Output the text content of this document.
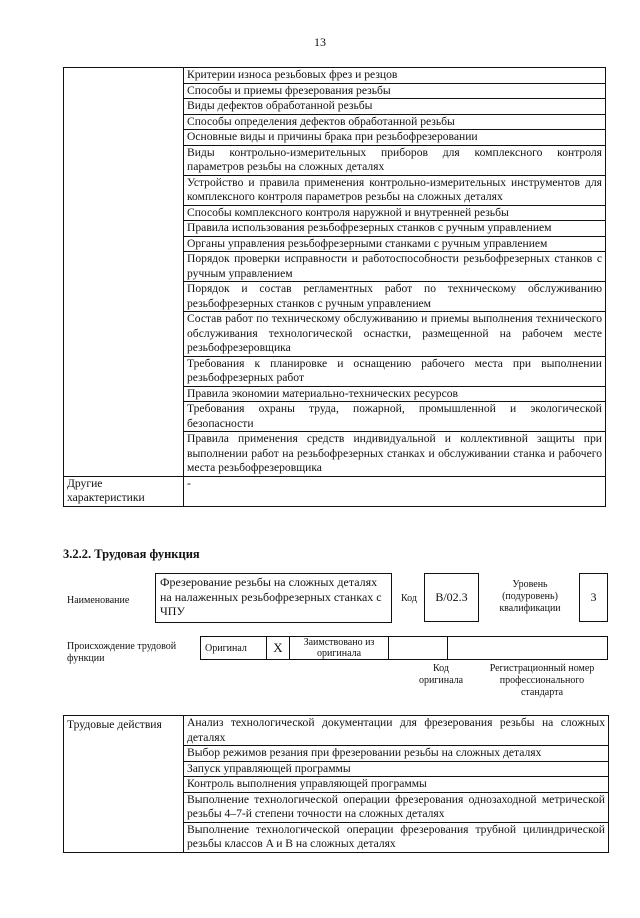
13
	Критерии износа резьбовых фрез и резцов
	Способы и приемы фрезерования резьбы
	Виды дефектов обработанной резьбы
	Способы определения дефектов обработанной резьбы
	Основные виды и причины брака при резьбофрезеровании
	Виды контрольно-измерительных приборов для комплексного контроля параметров резьбы на сложных деталях
	Устройство и правила применения контрольно-измерительных инструментов для комплексного контроля параметров резьбы на сложных деталях
	Способы комплексного контроля наружной и внутренней резьбы
	Правила использования резьбофрезерных станков с ручным управлением
	Органы управления резьбофрезерными станками с ручным управлением
	Порядок проверки исправности и работоспособности резьбофрезерных станков с ручным управлением
	Порядок и состав регламентных работ по техническому обслуживанию резьбофрезерных станков с ручным управлением
	Состав работ по техническому обслуживанию и приемы выполнения технического обслуживания технологической оснастки, размещенной на рабочем месте резьбофрезеровщика
	Требования к планировке и оснащению рабочего места при выполнении резьбофрезерных работ
	Правила экономии материально-технических ресурсов
	Требования охраны труда, пожарной, промышленной и экологической безопасности
	Правила применения средств индивидуальной и коллективной защиты при выполнении работ на резьбофрезерных станках и обслуживании станка и рабочего места резьбофрезеровщика
Другие характеристики	-
3.2.2. Трудовая функция
Наименование
Фрезерование резьбы на сложных деталях на налаженных резьбофрезерных станках с ЧПУ
Код	B/02.3
Уровень (подуровень) квалификации
3
Происхождение трудовой функции
Оригинал	X	Заимствовано из оригинала		
Код оригинала
Регистрационный номер профессионального стандарта
Трудовые действия	Анализ технологической документации для фрезерования резьбы на сложных деталях
Выбор режимов резания при фрезеровании резьбы на сложных деталях
Запуск управляющей программы
Контроль выполнения управляющей программы
Выполнение технологической операции фрезерования однозаходной метрической резьбы 4–7-й степени точности на сложных деталях
Выполнение технологической операции фрезерования трубной цилиндрической резьбы классов A и B на сложных деталях
